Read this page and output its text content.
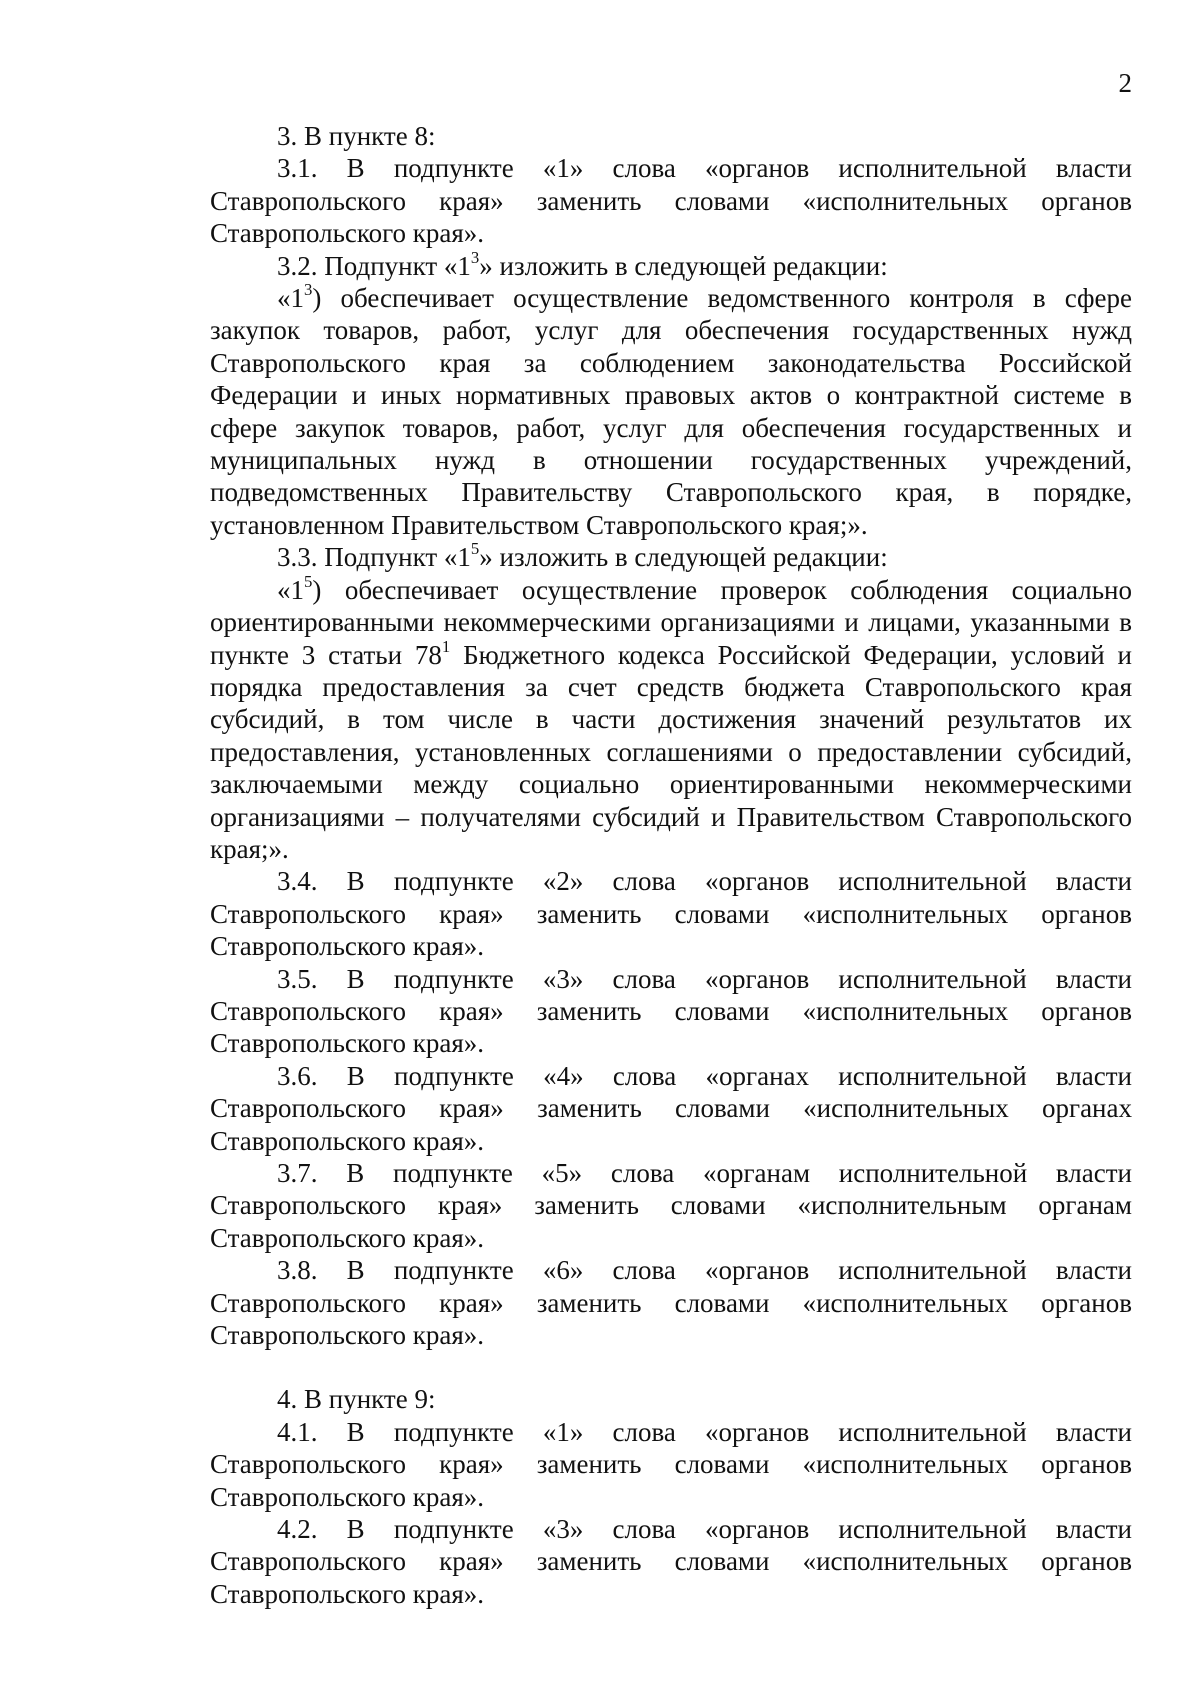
2

3. В пункте 8:

3.1. В подпункте «1» слова «органов исполнительной власти Ставропольского края» заменить словами «исполнительных органов Ставропольского края».

3.2. Подпункт «$1^3$» изложить в следующей редакции:

«$1^3$) обеспечивает осуществление ведомственного контроля в сфере закупок товаров, работ, услуг для обеспечения государственных нужд Ставропольского края за соблюдением законодательства Российской Федерации и иных нормативных правовых актов о контрактной системе в сфере закупок товаров, работ, услуг для обеспечения государственных и муниципальных нужд в отношении государственных учреждений, подведомственных Правительству Ставропольского края, в порядке, установленном Правительством Ставропольского края;».

3.3. Подпункт «$1^5$» изложить в следующей редакции:

«$1^5$) обеспечивает осуществление проверок соблюдения социально ориентированными некоммерческими организациями и лицами, указанными в пункте 3 статьи $78^1$ Бюджетного кодекса Российской Федерации, условий и порядка предоставления за счет средств бюджета Ставропольского края субсидий, в том числе в части достижения значений результатов их предоставления, установленных соглашениями о предоставлении субсидий, заключаемыми между социально ориентированными некоммерческими организациями – получателями субсидий и Правительством Ставропольского края;».

3.4. В подпункте «2» слова «органов исполнительной власти Ставропольского края» заменить словами «исполнительных органов Ставропольского края».

3.5. В подпункте «3» слова «органов исполнительной власти Ставропольского края» заменить словами «исполнительных органов Ставропольского края».

3.6. В подпункте «4» слова «органах исполнительной власти Ставропольского края» заменить словами «исполнительных органах Ставропольского края».

3.7. В подпункте «5» слова «органам исполнительной власти Ставропольского края» заменить словами «исполнительным органам Ставропольского края».

3.8. В подпункте «6» слова «органов исполнительной власти Ставропольского края» заменить словами «исполнительных органов Ставропольского края».

4. В пункте 9:

4.1. В подпункте «1» слова «органов исполнительной власти Ставропольского края» заменить словами «исполнительных органов Ставропольского края».

4.2. В подпункте «3» слова «органов исполнительной власти Ставропольского края» заменить словами «исполнительных органов Ставропольского края».
